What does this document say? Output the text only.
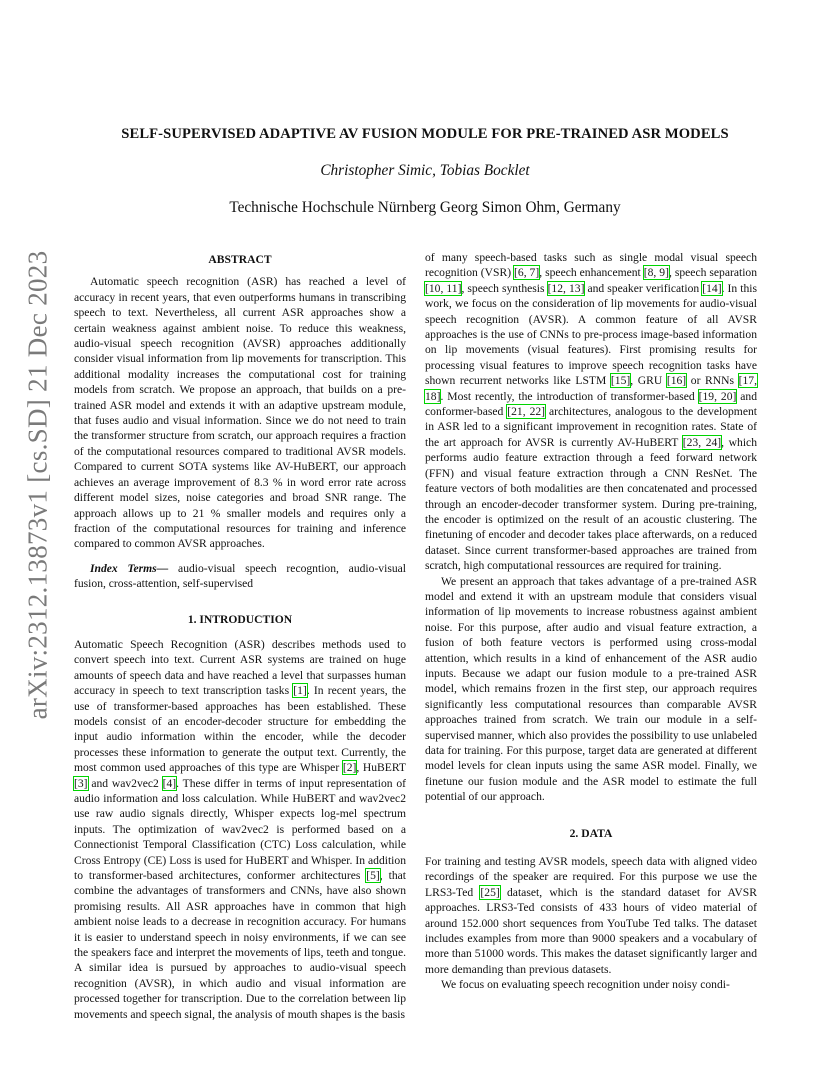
arXiv:2312.13873v1 [cs.SD] 21 Dec 2023
SELF-SUPERVISED ADAPTIVE AV FUSION MODULE FOR PRE-TRAINED ASR MODELS
Christopher Simic, Tobias Bocklet
Technische Hochschule Nürnberg Georg Simon Ohm, Germany
ABSTRACT

Automatic speech recognition (ASR) has reached a level of accuracy in recent years, that even outperforms humans in transcribing speech to text. Nevertheless, all current ASR approaches show a certain weakness against ambient noise. To reduce this weakness, audio-visual speech recognition (AVSR) approaches additionally consider visual information from lip movements for transcription. This additional modality increases the computational cost for training models from scratch. We propose an approach, that builds on a pre-trained ASR model and extends it with an adaptive upstream module, that fuses audio and visual information. Since we do not need to train the transformer structure from scratch, our approach requires a fraction of the computational resources compared to traditional AVSR models. Compared to current SOTA systems like AV-HuBERT, our approach achieves an average improvement of 8.3 % in word error rate across different model sizes, noise categories and broad SNR range. The approach allows up to 21 % smaller models and requires only a fraction of the computational resources for training and inference compared to common AVSR approaches.

Index Terms— audio-visual speech recogntion, audio-visual fusion, cross-attention, self-supervised

1. INTRODUCTION

Automatic Speech Recognition (ASR) describes methods used to convert speech into text. Current ASR systems are trained on huge amounts of speech data and have reached a level that surpasses human accuracy in speech to text transcription tasks [1]. In recent years, the use of transformer-based approaches has been established. These models consist of an encoder-decoder structure for embedding the input audio information within the encoder, while the decoder processes these information to generate the output text. Currently, the most common used approaches of this type are Whisper [2], HuBERT [3] and wav2vec2 [4]. These differ in terms of input representation of audio information and loss calculation. While HuBERT and wav2vec2 use raw audio signals directly, Whisper expects log-mel spectrum inputs. The optimization of wav2vec2 is performed based on a Connectionist Temporal Classification (CTC) Loss calculation, while Cross Entropy (CE) Loss is used for HuBERT and Whisper. In addition to transformer-based architectures, conformer architectures [5], that combine the advantages of transformers and CNNs, have also shown promising results. All ASR approaches have in common that high ambient noise leads to a decrease in recognition accuracy. For humans it is easier to understand speech in noisy environments, if we can see the speakers face and interpret the movements of lips, teeth and tongue. A similar idea is pursued by approaches to audio-visual speech recognition (AVSR), in which audio and visual information are processed together for transcription. Due to the correlation between lip movements and speech signal, the analysis of mouth shapes is the basis

of many speech-based tasks such as single modal visual speech recognition (VSR) [6, 7], speech enhancement [8, 9], speech separation [10, 11], speech synthesis [12, 13] and speaker verification [14]. In this work, we focus on the consideration of lip movements for audio-visual speech recognition (AVSR). A common feature of all AVSR approaches is the use of CNNs to pre-process image-based information on lip movements (visual features). First promising results for processing visual features to improve speech recognition tasks have shown recurrent networks like LSTM [15], GRU [16] or RNNs [17, 18]. Most recently, the introduction of transformer-based [19, 20] and conformer-based [21, 22] architectures, analogous to the development in ASR led to a significant improvement in recognition rates. State of the art approach for AVSR is currently AV-HuBERT [23, 24], which performs audio feature extraction through a feed forward network (FFN) and visual feature extraction through a CNN ResNet. The feature vectors of both modalities are then concatenated and processed through an encoder-decoder transformer system. During pre-training, the encoder is optimized on the result of an acoustic clustering. The finetuning of encoder and decoder takes place afterwards, on a reduced dataset. Since current transformer-based approaches are trained from scratch, high computational ressources are required for training.

We present an approach that takes advantage of a pre-trained ASR model and extend it with an upstream module that considers visual information of lip movements to increase robustness against ambient noise. For this purpose, after audio and visual feature extraction, a fusion of both feature vectors is performed using cross-modal attention, which results in a kind of enhancement of the ASR audio inputs. Because we adapt our fusion module to a pre-trained ASR model, which remains frozen in the first step, our approach requires significantly less computational resources than comparable AVSR approaches trained from scratch. We train our module in a self-supervised manner, which also provides the possibility to use unlabeled data for training. For this purpose, target data are generated at different model levels for clean inputs using the same ASR model. Finally, we finetune our fusion module and the ASR model to estimate the full potential of our approach.

2. DATA

For training and testing AVSR models, speech data with aligned video recordings of the speaker are required. For this purpose we use the LRS3-Ted [25] dataset, which is the standard dataset for AVSR approaches. LRS3-Ted consists of 433 hours of video material of around 152.000 short sequences from YouTube Ted talks. The dataset includes examples from more than 9000 speakers and a vocabulary of more than 51000 words. This makes the dataset significantly larger and more demanding than previous datasets.

We focus on evaluating speech recognition under noisy condi-
